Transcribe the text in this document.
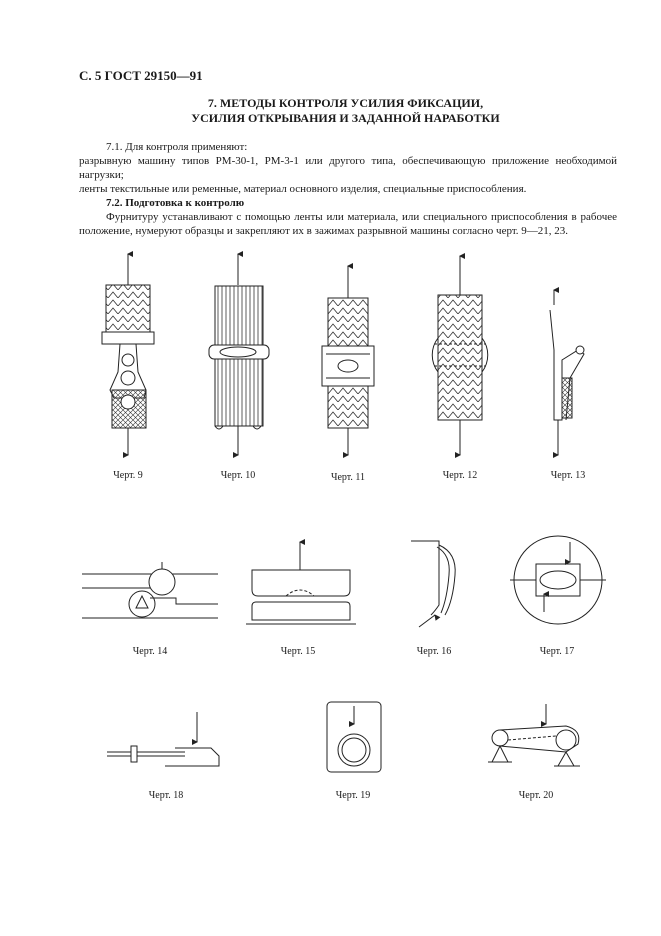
С. 5 ГОСТ 29150—91
7. МЕТОДЫ КОНТРОЛЯ УСИЛИЯ ФИКСАЦИИ,
УСИЛИЯ ОТКРЫВАНИЯ И ЗАДАННОЙ НАРАБОТКИ
7.1. Для контроля применяют:
разрывную машину типов РМ-30-1, РМ-3-1 или другого типа, обеспечивающую приложение необходимой нагрузки;
ленты текстильные или ременные, материал основного изделия, специальные приспособления.
7.2. Подготовка к контролю
Фурнитуру устанавливают с помощью ленты или материала, или специального приспособления в рабочее положение, нумеруют образцы и закрепляют их в зажимах разрывной машины согласно черт. 9—21, 23.
Черт. 9	Черт. 10	Черт. 11	Черт. 12	Черт. 13
Черт. 14	Черт. 15	Черт. 16	Черт. 17
Черт. 18	Черт. 19	Черт. 20
